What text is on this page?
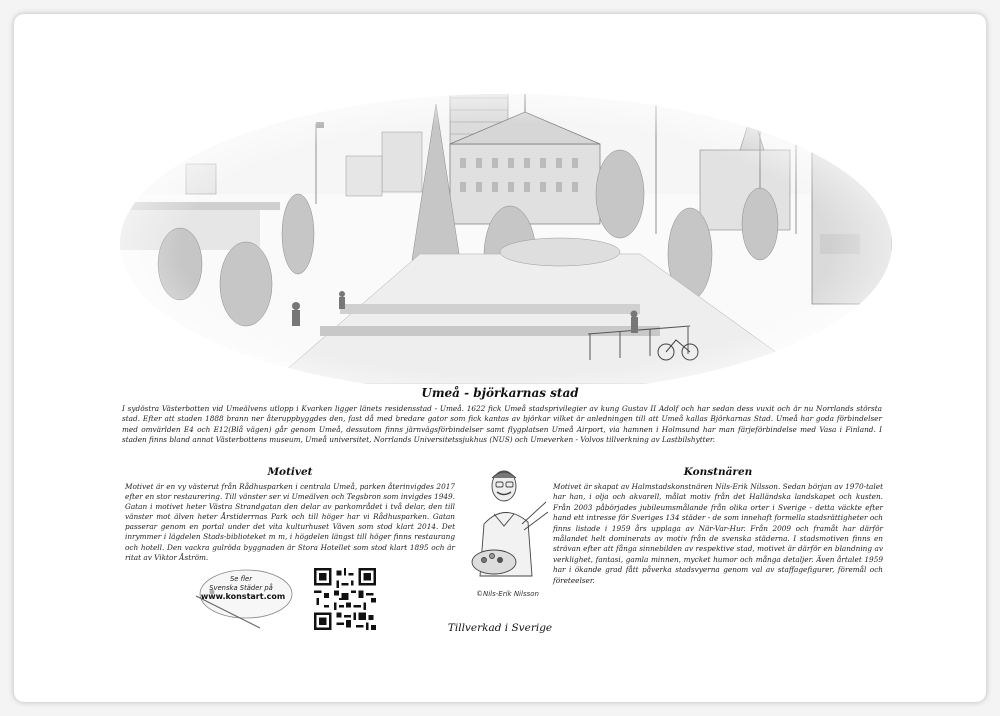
Umeå - björkarnas stad
I sydöstra Västerbotten vid Umeälvens utlopp i Kvarken ligger länets residensstad - Umeå. 1622 fick Umeå stadsprivilegier av kung Gustav II Adolf och har sedan dess vuxit och är nu Norrlands största stad. Efter att staden 1888 brann ner återuppbyggdes den, fast då med bredare gator som fick kantas av björkar vilket är anledningen till att Umeå kallas Björkarnas Stad. Umeå har goda förbindelser med omvärlden E4 och E12(Blå vägen) går genom Umeå, dessutom finns järnvägsförbindelser samt flygplatsen Umeå Airport, via hamnen i Holmsund har man färjeförbindelse med Vasa i Finland. I staden finns bland annat Västerbottens museum, Umeå universitet, Norrlands Universitetssjukhus (NUS) och Umeverken - Volvos tillverkning av Lastbilshytter.
Motivet
Motivet är en vy västerut från Rådhusparken i centrala Umeå, parken återinvigdes 2017 efter en stor restaurering. Till vänster ser vi Umeälven och Tegsbron som invigdes 1949. Gatan i motivet heter Västra Strandgatan den delar av parkområdet i två delar, den till vänster mot älven heter Årstiderrnas Park och till höger har vi Rådhusparken. Gatan passerar genom en portal under det vita kulturhuset Väven som stod klart 2014. Det inrymmer i lägdelen Stads-biblioteket m m, i högdelen längst till höger finns restaurang och hotell. Den vackra gulröda byggnaden är Stora Hotellet som stod klart 1895 och är ritat av Viktor Åström.
©Nils-Erik Nilsson
Konstnären
Motivet är skapat av Halmstadskonstnären Nils-Erik Nilsson. Sedan början av 1970-talet har han, i olja och akvarell, målat motiv från det Halländska landskapet och kusten. Från 2003 påbörjades jubileumsmålande från olika orter i Sverige - detta väckte efter hand ett intresse för Sveriges 134 städer - de som innehaft formella stadsrättigheter och finns listade i 1959 års upplaga av När-Var-Hur. Från 2009 och framåt har därför målandet helt dominerats av motiv från de svenska städerna. I stadsmotiven finns en strävan efter att fånga sinnebilden av respektive stad, motivet är därför en blandning av verklighet, fantasi, gamla minnen, mycket humor och många detaljer. Även årtalet 1959 har i ökande grad fått påverka stadsvyerna genom val av staffagefigurer, föremål och företeelser.
Se fler
Svenska Städer på
www.konstart.com
Tillverkad i Sverige
